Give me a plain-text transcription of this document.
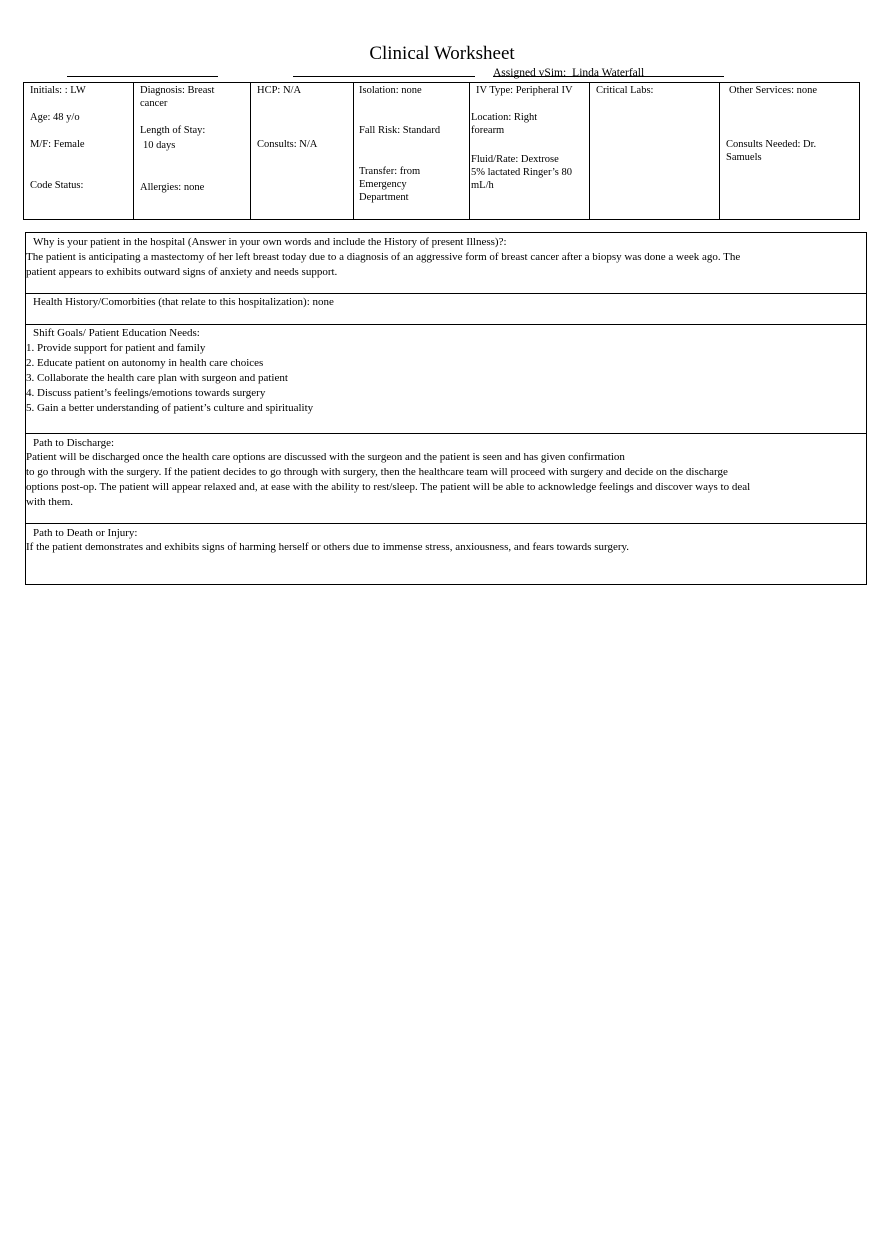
Clinical Worksheet
Assigned vSim: Linda Waterfall
Initials: : LW
Age: 48 y/o
M/F: Female
Code Status:
Diagnosis: Breast
cancer
Length of Stay:
10 days
Allergies: none
HCP: N/A
Consults: N/A
Isolation: none
Fall Risk: Standard
Transfer: from
Emergency
Department
IV Type: Peripheral IV
Location: Right
forearm
Fluid/Rate: Dextrose
5% lactated Ringer’s 80
mL/h
Critical Labs:	Other Services: none
Consults Needed: Dr.
Samuels
Why is your patient in the hospital (Answer in your own words and include the History of present Illness)?:
The patient is anticipating a mastectomy of her left breast today due to a diagnosis of an aggressive form of breast cancer after a biopsy was done a week ago. The
patient appears to exhibits outward signs of anxiety and needs support.
Health History/Comorbities (that relate to this hospitalization): none
Shift Goals/ Patient Education Needs:
1. Provide support for patient and family
2. Educate patient on autonomy in health care choices
3. Collaborate the health care plan with surgeon and patient
4. Discuss patient’s feelings/emotions towards surgery
5. Gain a better understanding of patient’s culture and spirituality
Path to Discharge:
Patient will be discharged once the health care options are discussed with the surgeon and the patient is seen and has given confirmation
to go through with the surgery. If the patient decides to go through with surgery, then the healthcare team will proceed with surgery and decide on the discharge
options post-op. The patient will appear relaxed and, at ease with the ability to rest/sleep. The patient will be able to acknowledge feelings and discover ways to deal
with them.
Path to Death or Injury:
If the patient demonstrates and exhibits signs of harming herself or others due to immense stress, anxiousness, and fears towards surgery.
